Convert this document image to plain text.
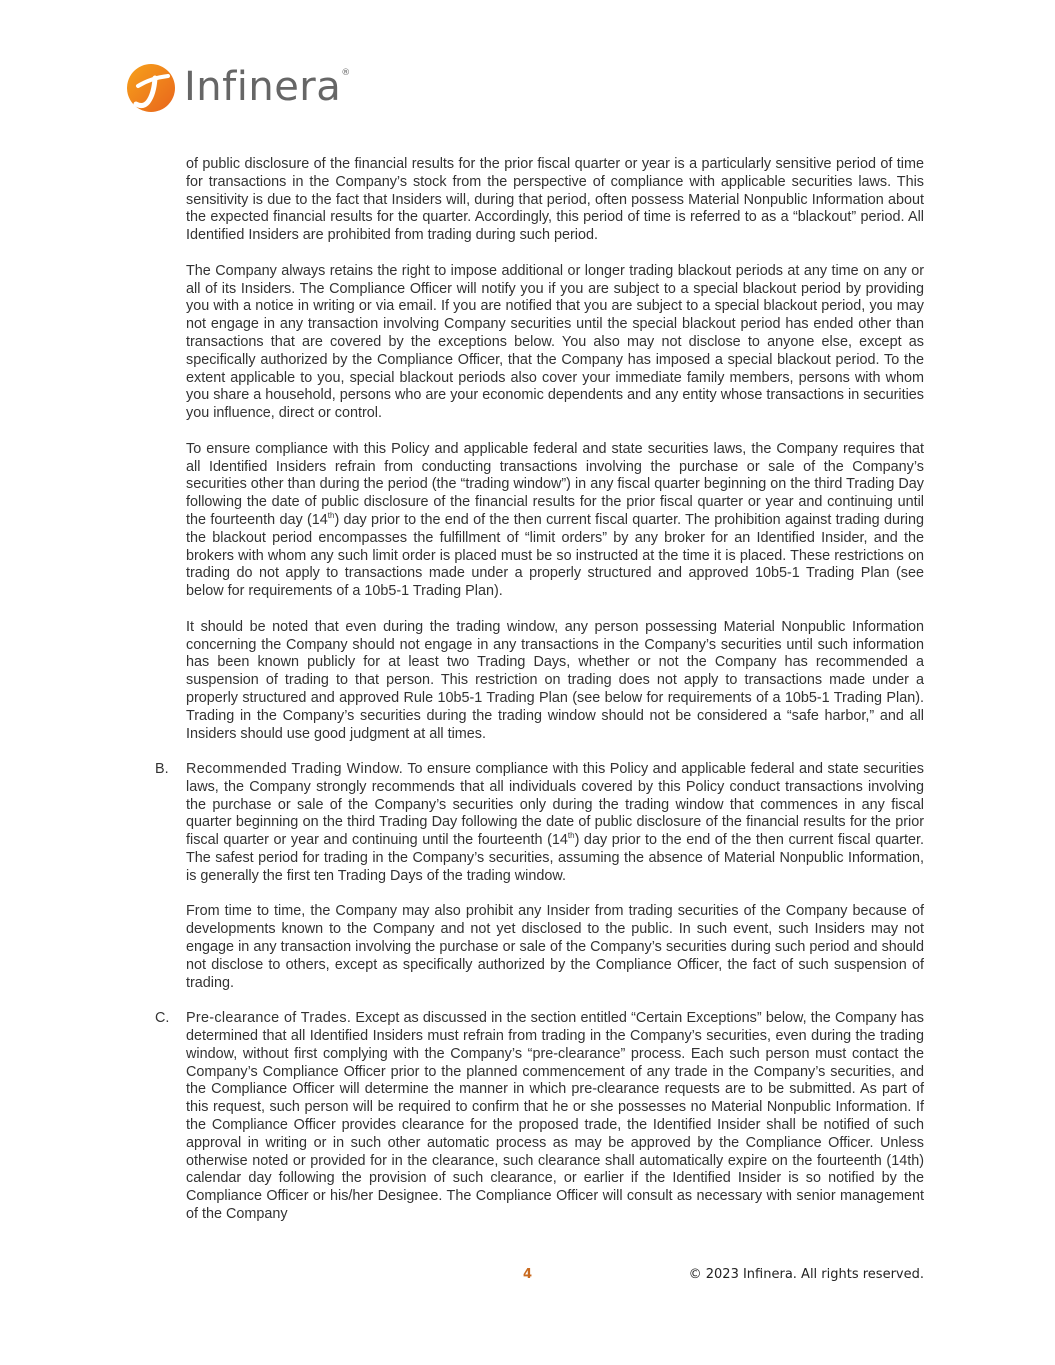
Infinera®

of public disclosure of the financial results for the prior fiscal quarter or year is a particularly sensitive period of time for transactions in the Company’s stock from the perspective of compliance with applicable securities laws. This sensitivity is due to the fact that Insiders will, during that period, often possess Material Nonpublic Information about the expected financial results for the quarter. Accordingly, this period of time is referred to as a “blackout” period. All Identified Insiders are prohibited from trading during such period.

The Company always retains the right to impose additional or longer trading blackout periods at any time on any or all of its Insiders. The Compliance Officer will notify you if you are subject to a special blackout period by providing you with a notice in writing or via email. If you are notified that you are subject to a special blackout period, you may not engage in any transaction involving Company securities until the special blackout period has ended other than transactions that are covered by the exceptions below. You also may not disclose to anyone else, except as specifically authorized by the Compliance Officer, that the Company has imposed a special blackout period. To the extent applicable to you, special blackout periods also cover your immediate family members, persons with whom you share a household, persons who are your economic dependents and any entity whose transactions in securities you influence, direct or control.

To ensure compliance with this Policy and applicable federal and state securities laws, the Company requires that all Identified Insiders refrain from conducting transactions involving the purchase or sale of the Company’s securities other than during the period (the “trading window”) in any fiscal quarter beginning on the third Trading Day following the date of public disclosure of the financial results for the prior fiscal quarter or year and continuing until the fourteenth day (14th) day prior to the end of the then current fiscal quarter. The prohibition against trading during the blackout period encompasses the fulfillment of “limit orders” by any broker for an Identified Insider, and the brokers with whom any such limit order is placed must be so instructed at the time it is placed. These restrictions on trading do not apply to transactions made under a properly structured and approved 10b5-1 Trading Plan (see below for requirements of a 10b5-1 Trading Plan).

It should be noted that even during the trading window, any person possessing Material Nonpublic Information concerning the Company should not engage in any transactions in the Company’s securities until such information has been known publicly for at least two Trading Days, whether or not the Company has recommended a suspension of trading to that person. This restriction on trading does not apply to transactions made under a properly structured and approved Rule 10b5-1 Trading Plan (see below for requirements of a 10b5-1 Trading Plan). Trading in the Company’s securities during the trading window should not be considered a “safe harbor,” and all Insiders should use good judgment at all times.

B. Recommended Trading Window. To ensure compliance with this Policy and applicable federal and state securities laws, the Company strongly recommends that all individuals covered by this Policy conduct transactions involving the purchase or sale of the Company’s securities only during the trading window that commences in any fiscal quarter beginning on the third Trading Day following the date of public disclosure of the financial results for the prior fiscal quarter or year and continuing until the fourteenth (14th) day prior to the end of the then current fiscal quarter. The safest period for trading in the Company’s securities, assuming the absence of Material Nonpublic Information, is generally the first ten Trading Days of the trading window.

From time to time, the Company may also prohibit any Insider from trading securities of the Company because of developments known to the Company and not yet disclosed to the public. In such event, such Insiders may not engage in any transaction involving the purchase or sale of the Company’s securities during such period and should not disclose to others, except as specifically authorized by the Compliance Officer, the fact of such suspension of trading.

C. Pre-clearance of Trades. Except as discussed in the section entitled “Certain Exceptions” below, the Company has determined that all Identified Insiders must refrain from trading in the Company’s securities, even during the trading window, without first complying with the Company’s “pre-clearance” process. Each such person must contact the Company’s Compliance Officer prior to the planned commencement of any trade in the Company’s securities, and the Compliance Officer will determine the manner in which pre-clearance requests are to be submitted. As part of this request, such person will be required to confirm that he or she possesses no Material Nonpublic Information. If the Compliance Officer provides clearance for the proposed trade, the Identified Insider shall be notified of such approval in writing or in such other automatic process as may be approved by the Compliance Officer. Unless otherwise noted or provided for in the clearance, such clearance shall automatically expire on the fourteenth (14th) calendar day following the provision of such clearance, or earlier if the Identified Insider is so notified by the Compliance Officer or his/her Designee. The Compliance Officer will consult as necessary with senior management of the Company

4	© 2023 Infinera. All rights reserved.
